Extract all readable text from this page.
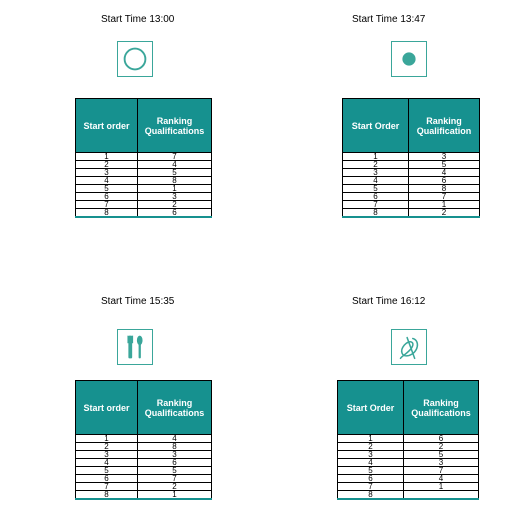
Start Time 13:00
Start order	Ranking Qualifications
1	7
2	4
3	5
4	8
5	1
6	3
7	2
8	6
Start Time 13:47
Start Order	Ranking Qualification
1	3
2	5
3	4
4	6
5	8
6	7
7	1
8	2
Start Time 15:35
Start order	Ranking Qualifications
1	4
2	8
3	3
4	6
5	5
6	7
7	2
8	1
Start Time 16:12
Start Order	Ranking Qualifications
1	6
2	2
3	5
4	3
5	7
6	4
7	1
8	
